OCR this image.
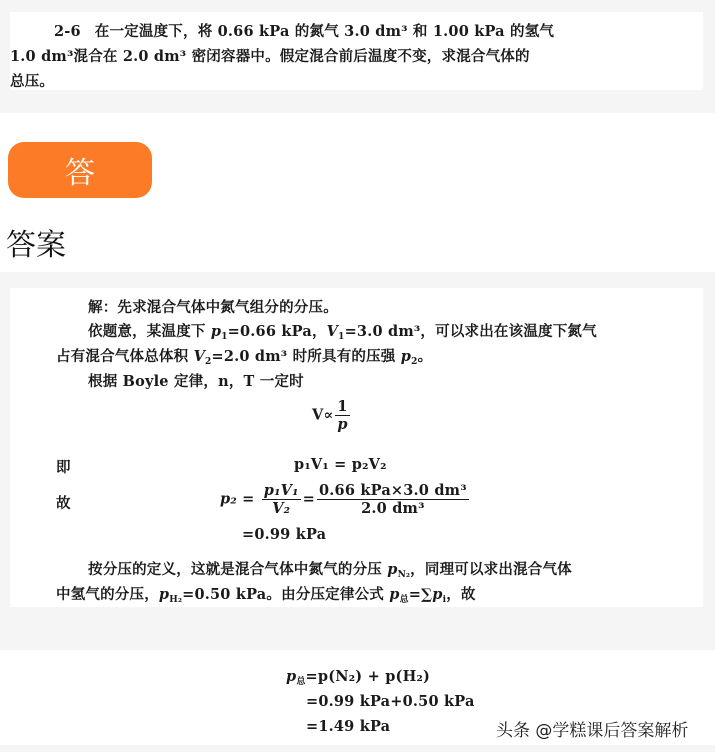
2-6 在一定温度下，将 0.66 kPa 的氮气 3.0 dm³ 和 1.00 kPa 的氢气
1.0 dm³混合在 2.0 dm³ 密闭容器中。假定混合前后温度不变，求混合气体的
总压。
答
答案
解：先求混合气体中氮气组分的分压。
依题意，某温度下 $p_1=0.66$ kPa，$V_1=3.0$ dm³，可以求出在该温度下氮气
占有混合气体总体积 $V_2=2.0$ dm³ 时所具有的压强 $p_2$。
根据 Boyle 定律，n，T 一定时
$V\propto \frac{1}{p}$
即	p₁V₁ = p₂V₂
故	$p_2 = \frac{\text{p₁V₁}}{\text{V₂}} = \frac{\text{0.66 kPa×3.0 dm³}}{\text{2.0 dm³}}$
=0.99 kPa
按分压的定义，这就是混合气体中氮气的分压 $p_{N_2}$，同理可以求出混合气体
中氢气的分压，$p_{H_2}=0.50$ kPa。由分压定律公式 $p_总=\sum p_i$，故
$p_总=p(N_2) + p(H_2)$
=0.99 kPa+0.50 kPa
=1.49 kPa	头条 @学糕课后答案解析
